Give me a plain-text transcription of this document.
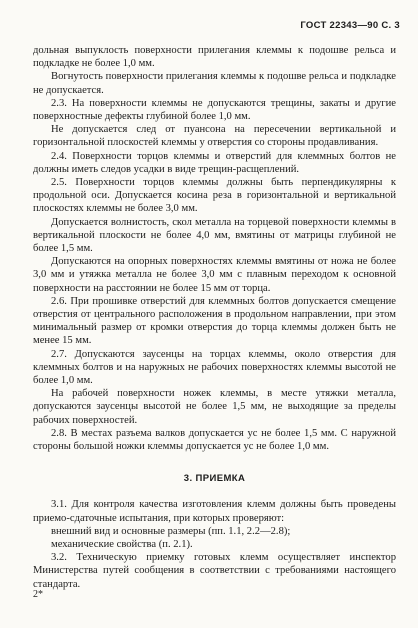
ГОСТ 22343—90 С. 3

дольная выпуклость поверхности прилегания клеммы к подошве рельса и подкладке не более 1,0 мм.

Вогнутость поверхности прилегания клеммы к подошве рельса и подкладке не допускается.

2.3. На поверхности клеммы не допускаются трещины, закаты и другие поверхностные дефекты глубиной более 1,0 мм.

Не допускается след от пуансона на пересечении вертикальной и горизонтальной плоскостей клеммы у отверстия со стороны продавливания.

2.4. Поверхности торцов клеммы и отверстий для клеммных болтов не должны иметь следов усадки в виде трещин-расщеплений.

2.5. Поверхности торцов клеммы должны быть перпендикулярны к продольной оси. Допускается косина реза в горизонтальной и вертикальной плоскостях клеммы не более 3,0 мм.

Допускается волнистость, скол металла на торцевой поверхности клеммы в вертикальной плоскости не более 4,0 мм, вмятины от матрицы глубиной не более 1,5 мм.

Допускаются на опорных поверхностях клеммы вмятины от ножа не более 3,0 мм и утяжка металла не более 3,0 мм с плавным переходом к основной поверхности на расстоянии не более 15 мм от торца.

2.6. При прошивке отверстий для клеммных болтов допускается смещение отверстия от центрального расположения в продольном направлении, при этом минимальный размер от кромки отверстия до торца клеммы должен быть не менее 15 мм.

2.7. Допускаются заусенцы на торцах клеммы, около отверстия для клеммных болтов и на наружных не рабочих поверхностях клеммы высотой не более 1,0 мм.

На рабочей поверхности ножек клеммы, в месте утяжки металла, допускаются заусенцы высотой не более 1,5 мм, не выходящие за пределы рабочих поверхностей.

2.8. В местах разъема валков допускается ус не более 1,5 мм. С наружной стороны большой ножки клеммы допускается ус не более 1,0 мм.

3. ПРИЕМКА

3.1. Для контроля качества изготовления клемм должны быть проведены приемо-сдаточные испытания, при которых проверяют:

внешний вид и основные размеры (пп. 1.1, 2.2—2.8);

механические свойства (п. 2.1).

3.2. Техническую приемку готовых клемм осуществляет инспектор Министерства путей сообщения в соответствии с требованиями настоящего стандарта.

2*
